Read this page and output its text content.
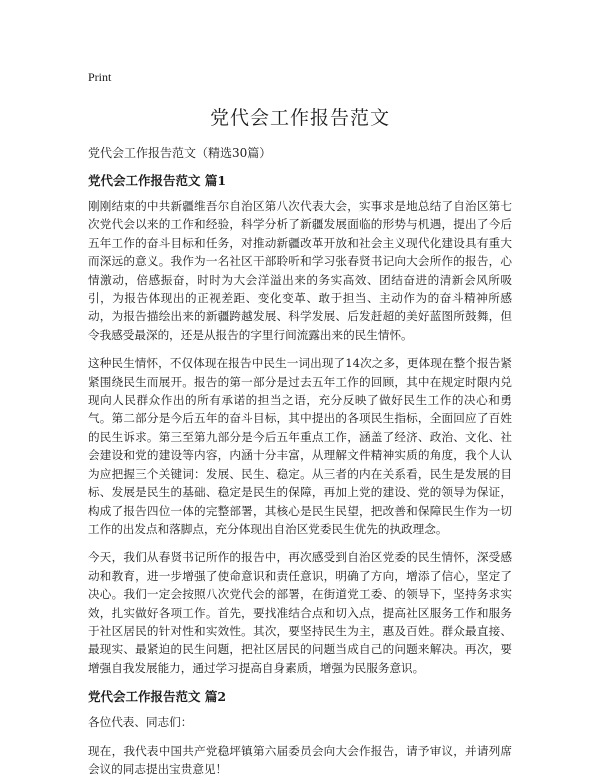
Print
党代会工作报告范文

党代会工作报告范文（精选30篇）

党代会工作报告范文 篇1

刚刚结束的中共新疆维吾尔自治区第八次代表大会，实事求是地总结了自治区第七次党代会以来的工作和经验，科学分析了新疆发展面临的形势与机遇，提出了今后五年工作的奋斗目标和任务，对推动新疆改革开放和社会主义现代化建设具有重大而深远的意义。我作为一名社区干部聆听和学习张春贤书记向大会所作的报告，心情激动，倍感振奋，时时为大会洋溢出来的务实高效、团结奋进的清新会风所吸引，为报告体现出的正视差距、变化变革、敢于担当、主动作为的奋斗精神所感动，为报告描绘出来的新疆跨越发展、科学发展、后发赶超的美好蓝图所鼓舞，但令我感受最深的，还是从报告的字里行间流露出来的民生情怀。

这种民生情怀，不仅体现在报告中民生一词出现了14次之多，更体现在整个报告紧紧围绕民生而展开。报告的第一部分是过去五年工作的回顾，其中在规定时限内兑现向人民群众作出的所有承诺的担当之语，充分反映了做好民生工作的决心和勇气。第二部分是今后五年的奋斗目标，其中提出的各项民生指标，全面回应了百姓的民生诉求。第三至第九部分是今后五年重点工作，涵盖了经济、政治、文化、社会建设和党的建设等内容，内涵十分丰富，从理解文件精神实质的角度，我个人认为应把握三个关键词：发展、民生、稳定。从三者的内在关系看，民生是发展的目标、发展是民生的基础、稳定是民生的保障，再加上党的建设、党的领导为保证，构成了报告四位一体的完整部署，其核心是民生民望，把改善和保障民生作为一切工作的出发点和落脚点，充分体现出自治区党委民生优先的执政理念。

今天，我们从春贤书记所作的报告中，再次感受到自治区党委的民生情怀，深受感动和教育，进一步增强了使命意识和责任意识，明确了方向，增添了信心，坚定了决心。我们一定会按照八次党代会的部署，在街道党工委、的领导下，坚持务求实效，扎实做好各项工作。首先，要找准结合点和切入点，提高社区服务工作和服务于社区居民的针对性和实效性。其次，要坚持民生为主，惠及百姓。群众最直接、最现实、最紧迫的民生问题，把社区居民的问题当成自己的问题来解决。再次，要增强自我发展能力，通过学习提高自身素质，增强为民服务意识。

党代会工作报告范文 篇2

各位代表、同志们：

现在，我代表中国共产党稳坪镇第六届委员会向大会作报告，请予审议，并请列席会议的同志提出宝贵意见！
